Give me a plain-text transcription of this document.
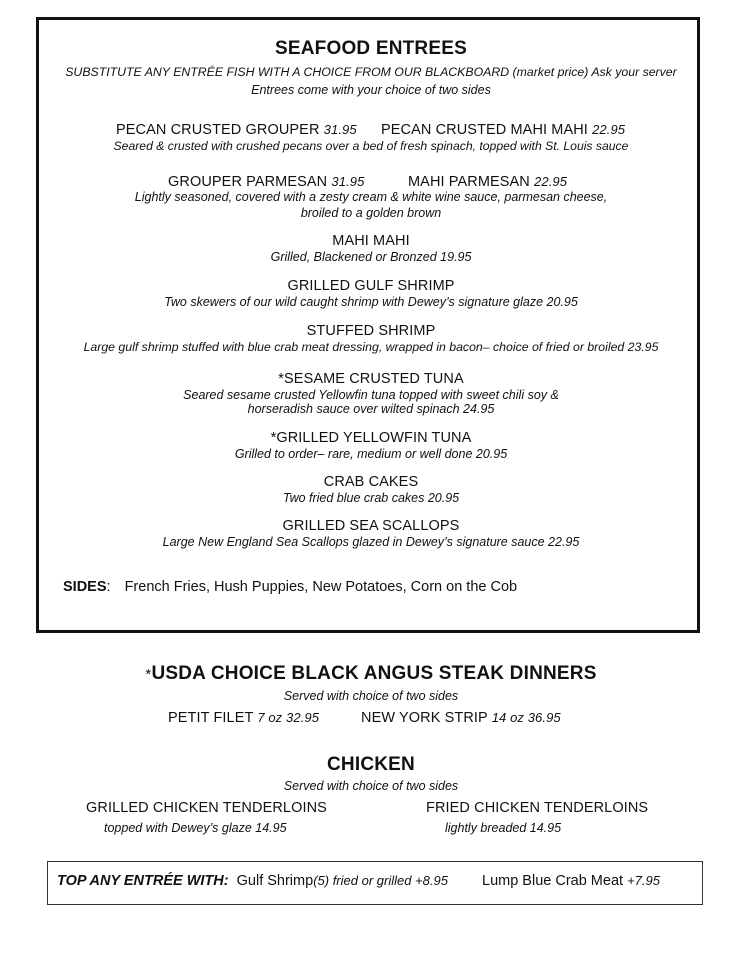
SEAFOOD ENTREES
SUBSTITUTE ANY ENTRÉE FISH WITH A CHOICE FROM OUR BLACKBOARD (market price) Ask your server
Entrees come with your choice of two sides
PECAN CRUSTED GROUPER 31.95 PECAN CRUSTED MAHI MAHI 22.95
Seared & crusted with crushed pecans over a bed of fresh spinach, topped with St. Louis sauce
GROUPER PARMESAN 31.95	MAHI PARMESAN 22.95
Lightly seasoned, covered with a zesty cream & white wine sauce, parmesan cheese,
broiled to a golden brown
MAHI MAHI
Grilled, Blackened or Bronzed 19.95
GRILLED GULF SHRIMP
Two skewers of our wild caught shrimp with Dewey’s signature glaze 20.95
STUFFED SHRIMP
Large gulf shrimp stuffed with blue crab meat dressing, wrapped in bacon– choice of fried or broiled 23.95
*SESAME CRUSTED TUNA
Seared sesame crusted Yellowfin tuna topped with sweet chili soy &
horseradish sauce over wilted spinach 24.95
*GRILLED YELLOWFIN TUNA
Grilled to order– rare, medium or well done 20.95
CRAB CAKES
Two fried blue crab cakes 20.95
GRILLED SEA SCALLOPS
Large New England Sea Scallops glazed in Dewey’s signature sauce 22.95
SIDES: French Fries, Hush Puppies, New Potatoes, Corn on the Cob
*USDA CHOICE BLACK ANGUS STEAK DINNERS
Served with choice of two sides
PETIT FILET 7 oz 32.95	NEW YORK STRIP 14 oz 36.95
CHICKEN
Served with choice of two sides
GRILLED CHICKEN TENDERLOINS
topped with Dewey’s glaze 14.95
FRIED CHICKEN TENDERLOINS
lightly breaded 14.95
TOP ANY ENTRÉE WITH: Gulf Shrimp(5) fried or grilled +8.95 Lump Blue Crab Meat +7.95
